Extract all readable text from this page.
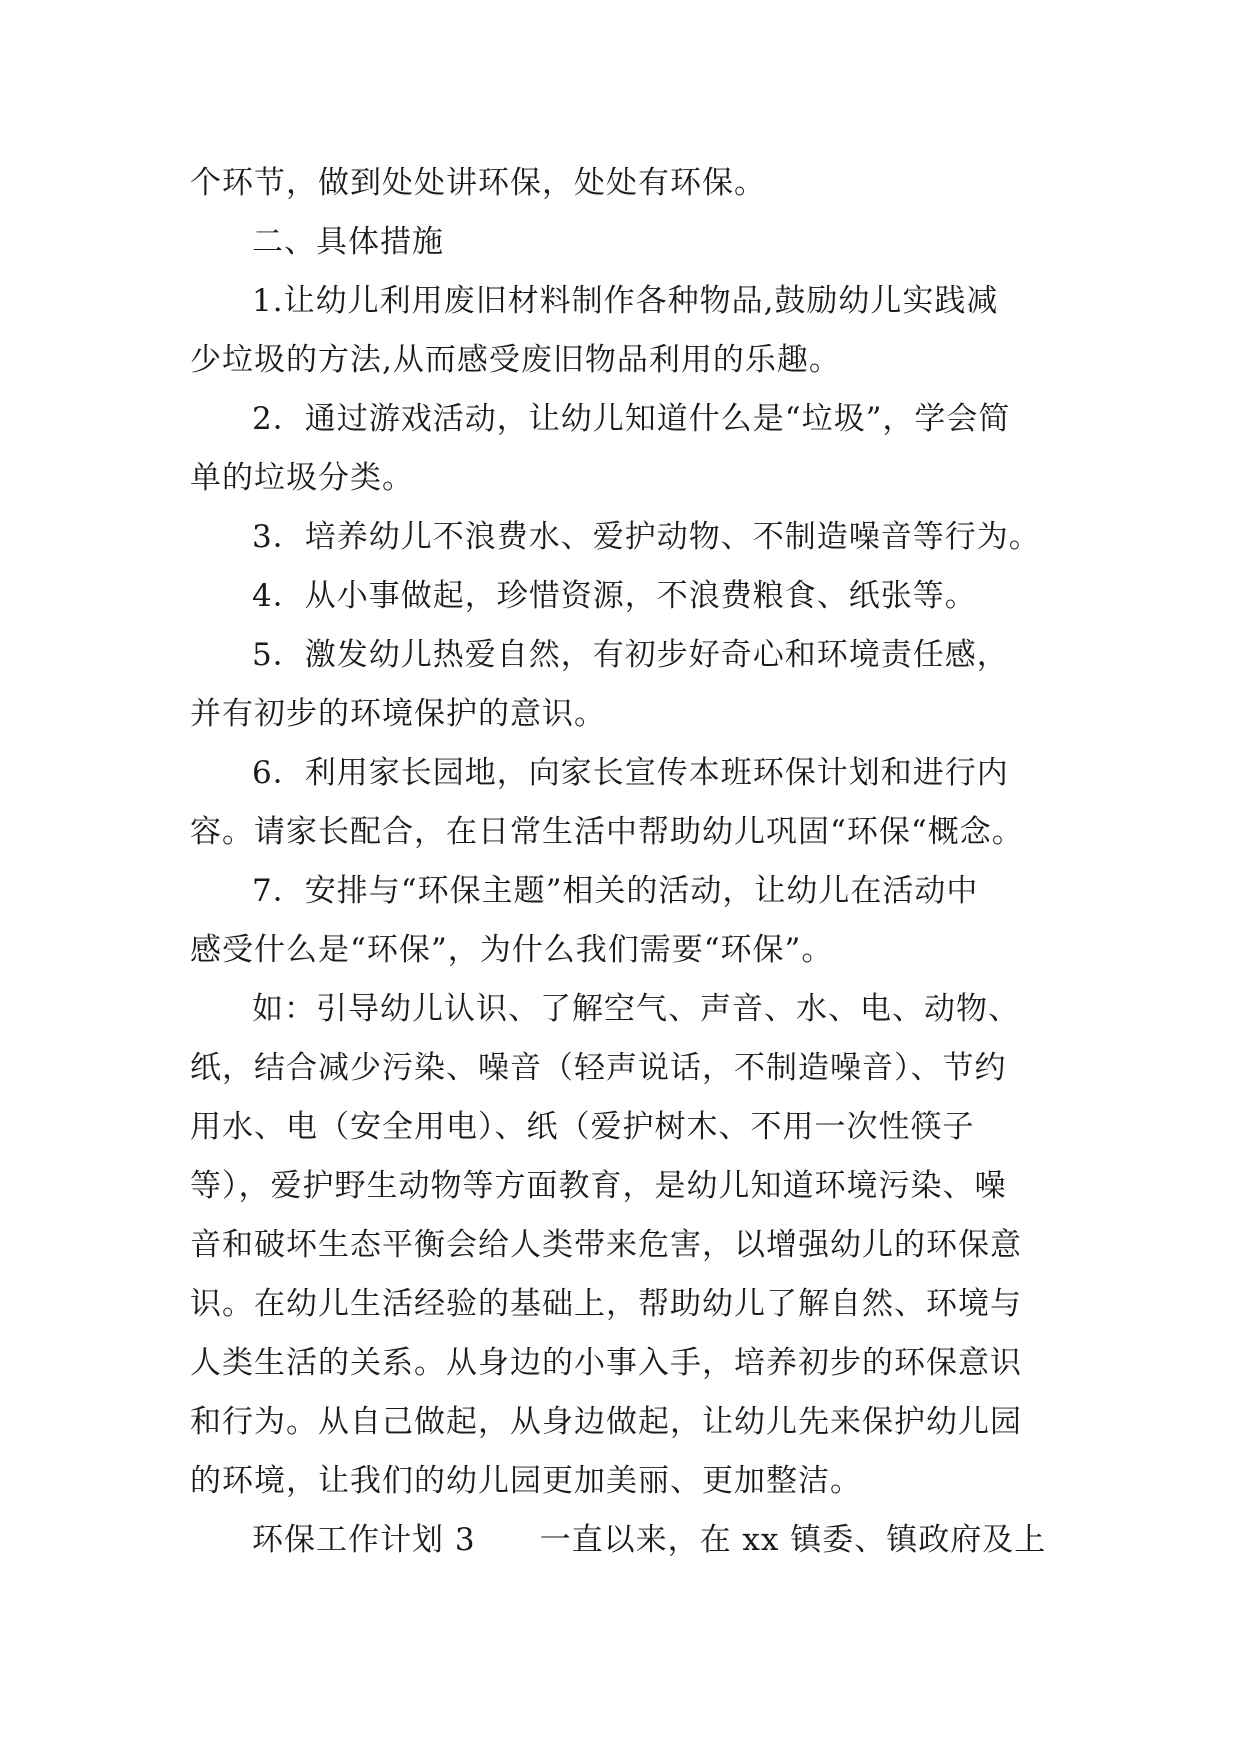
个环节，做到处处讲环保，处处有环保。
二、具体措施
1.让幼儿利用废旧材料制作各种物品,鼓励幼儿实践减
少垃圾的方法,从而感受废旧物品利用的乐趣。
2．通过游戏活动，让幼儿知道什么是“垃圾”，学会简
单的垃圾分类。
3．培养幼儿不浪费水、爱护动物、不制造噪音等行为。
4．从小事做起，珍惜资源，不浪费粮食、纸张等。
5．激发幼儿热爱自然，有初步好奇心和环境责任感，
并有初步的环境保护的意识。
6．利用家长园地，向家长宣传本班环保计划和进行内
容。请家长配合，在日常生活中帮助幼儿巩固“环保“概念。
7．安排与“环保主题”相关的活动，让幼儿在活动中
感受什么是“环保”，为什么我们需要“环保”。
如：引导幼儿认识、了解空气、声音、水、电、动物、
纸，结合减少污染、噪音（轻声说话，不制造噪音）、节约
用水、电（安全用电）、纸（爱护树木、不用一次性筷子
等），爱护野生动物等方面教育，是幼儿知道环境污染、噪
音和破坏生态平衡会给人类带来危害，以增强幼儿的环保意
识。在幼儿生活经验的基础上，帮助幼儿了解自然、环境与
人类生活的关系。从身边的小事入手，培养初步的环保意识
和行为。从自己做起，从身边做起，让幼儿先来保护幼儿园
的环境，让我们的幼儿园更加美丽、更加整洁。
环保工作计划 3　　一直以来，在 xx 镇委、镇政府及上
